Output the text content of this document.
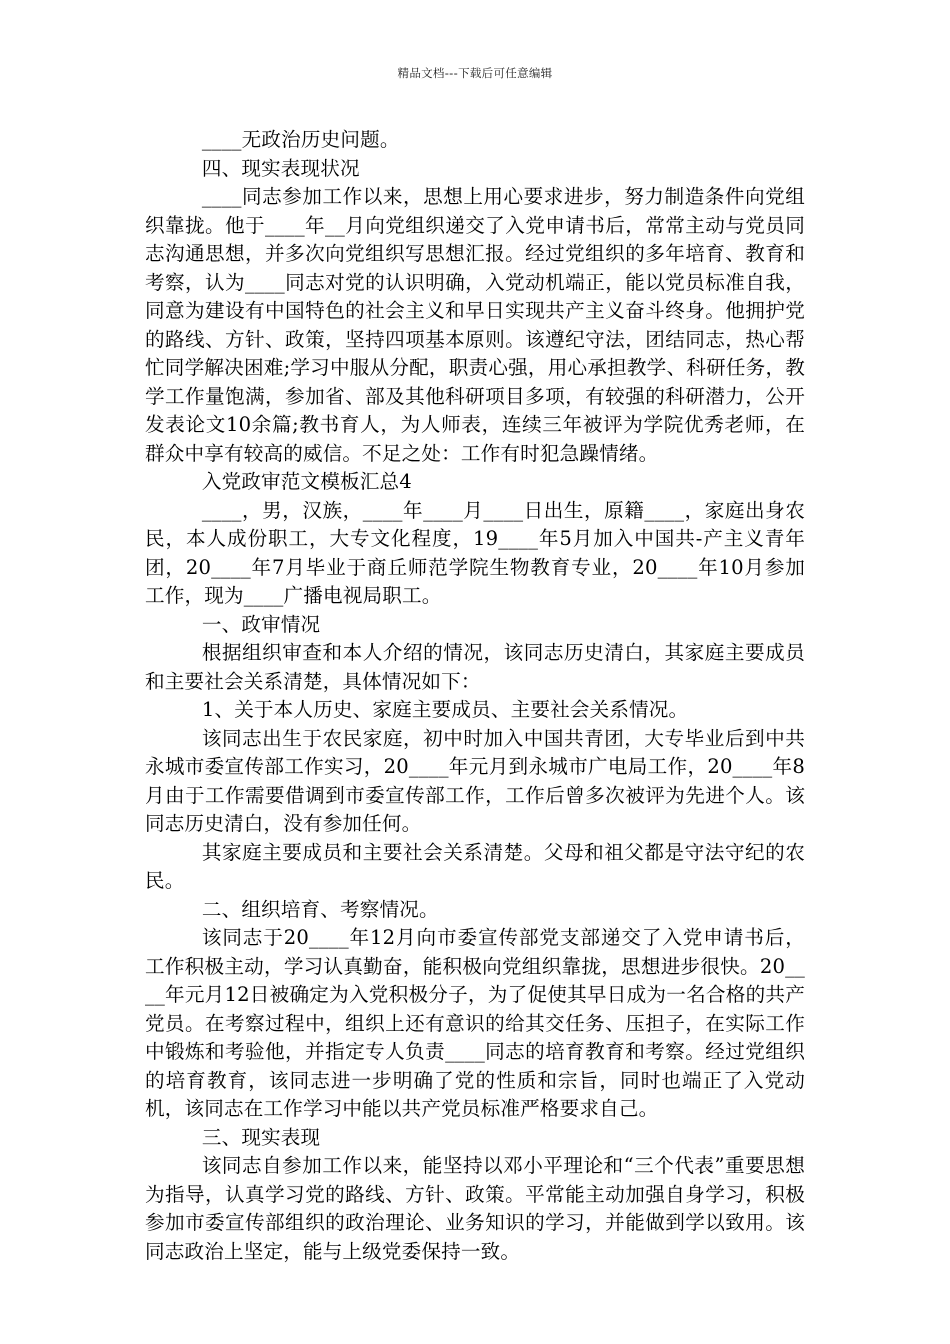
精品文档---下载后可任意编辑

____无政治历史问题。

四、现实表现状况

____同志参加工作以来，思想上用心要求进步，努力制造条件向党组织靠拢。他于____年__月向党组织递交了入党申请书后，常常主动与党员同志沟通思想，并多次向党组织写思想汇报。经过党组织的多年培育、教育和考察，认为____同志对党的认识明确，入党动机端正，能以党员标准自我，同意为建设有中国特色的社会主义和早日实现共产主义奋斗终身。他拥护党的路线、方针、政策，坚持四项基本原则。该遵纪守法，团结同志，热心帮忙同学解决困难;学习中服从分配，职责心强，用心承担教学、科研任务，教学工作量饱满，参加省、部及其他科研项目多项，有较强的科研潜力，公开发表论文10余篇;教书育人，为人师表，连续三年被评为学院优秀老师，在群众中享有较高的威信。不足之处：工作有时犯急躁情绪。

入党政审范文模板汇总4

____，男，汉族，____年____月____日出生，原籍____，家庭出身农民，本人成份职工，大专文化程度，19____年5月加入中国共-产主义青年团，20____年7月毕业于商丘师范学院生物教育专业，20____年10月参加工作，现为____广播电视局职工。

一、政审情况

根据组织审查和本人介绍的情况，该同志历史清白，其家庭主要成员和主要社会关系清楚，具体情况如下：

1、关于本人历史、家庭主要成员、主要社会关系情况。

该同志出生于农民家庭，初中时加入中国共青团，大专毕业后到中共永城市委宣传部工作实习，20____年元月到永城市广电局工作，20____年8月由于工作需要借调到市委宣传部工作，工作后曾多次被评为先进个人。该同志历史清白，没有参加任何。

其家庭主要成员和主要社会关系清楚。父母和祖父都是守法守纪的农民。

二、组织培育、考察情况。

该同志于20____年12月向市委宣传部党支部递交了入党申请书后，工作积极主动，学习认真勤奋，能积极向党组织靠拢，思想进步很快。20____年元月12日被确定为入党积极分子，为了促使其早日成为一名合格的共产党员。在考察过程中，组织上还有意识的给其交任务、压担子，在实际工作中锻炼和考验他，并指定专人负责____同志的培育教育和考察。经过党组织的培育教育，该同志进一步明确了党的性质和宗旨，同时也端正了入党动机，该同志在工作学习中能以共产党员标准严格要求自己。

三、现实表现

该同志自参加工作以来，能坚持以邓小平理论和“三个代表”重要思想为指导，认真学习党的路线、方针、政策。平常能主动加强自身学习，积极参加市委宣传部组织的政治理论、业务知识的学习，并能做到学以致用。该同志政治上坚定，能与上级党委保持一致。
